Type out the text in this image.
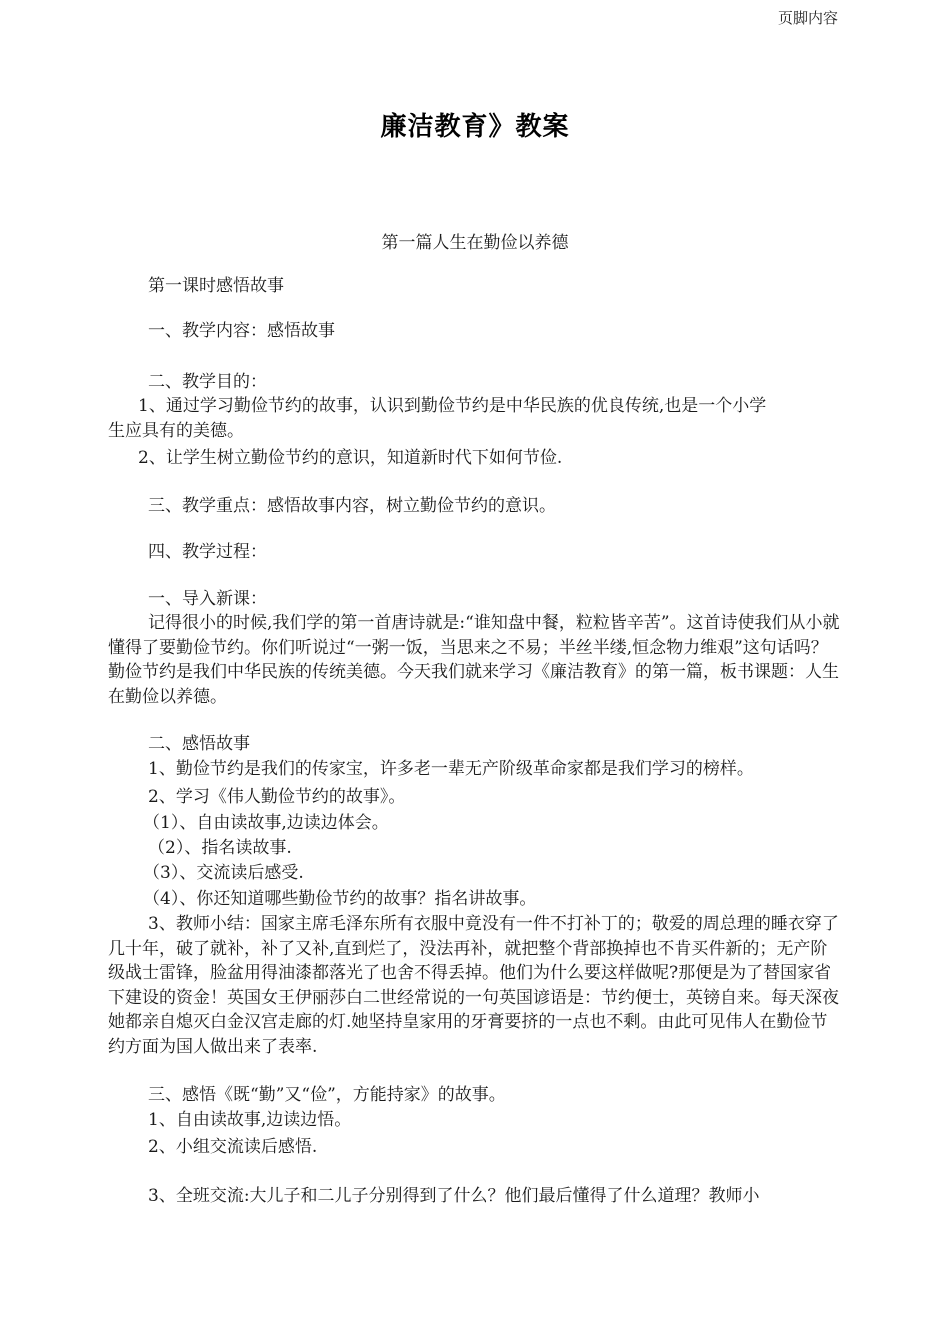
页脚内容
廉洁教育》教案
第一篇人生在勤俭以养德
第一课时感悟故事
一、教学内容：感悟故事
二、教学目的：
1、通过学习勤俭节约的故事，认识到勤俭节约是中华民族的优良传统,也是一个小学
生应具有的美德。
2、让学生树立勤俭节约的意识，知道新时代下如何节俭.
三、教学重点：感悟故事内容，树立勤俭节约的意识。
四、教学过程：
一、导入新课：
记得很小的时候,我们学的第一首唐诗就是:“谁知盘中餐，粒粒皆辛苦”。这首诗使我们从小就懂得了要勤俭节约。你们听说过“一粥一饭，当思来之不易；半丝半缕,恒念物力维艰”这句话吗？勤俭节约是我们中华民族的传统美德。今天我们就来学习《廉洁教育》的第一篇，板书课题：人生在勤俭以养德。
二、感悟故事
1、勤俭节约是我们的传家宝，许多老一辈无产阶级革命家都是我们学习的榜样。
2、学习《伟人勤俭节约的故事》。
（1）、自由读故事,边读边体会。
（2）、指名读故事.
（3）、交流读后感受.
（4）、你还知道哪些勤俭节约的故事？指名讲故事。
3、教师小结：国家主席毛泽东所有衣服中竟没有一件不打补丁的；敬爱的周总理的睡衣穿了几十年，破了就补，补了又补,直到烂了，没法再补，就把整个背部换掉也不肯买件新的；无产阶级战士雷锋，脸盆用得油漆都落光了也舍不得丢掉。他们为什么要这样做呢?那便是为了替国家省下建设的资金！英国女王伊丽莎白二世经常说的一句英国谚语是：节约便士，英镑自来。每天深夜她都亲自熄灭白金汉宫走廊的灯.她坚持皇家用的牙膏要挤的一点也不剩。由此可见伟人在勤俭节约方面为国人做出来了表率.
三、感悟《既“勤”又“俭”，方能持家》的故事。
1、自由读故事,边读边悟。
2、小组交流读后感悟.
3、全班交流:大儿子和二儿子分别得到了什么？他们最后懂得了什么道理？教师小
